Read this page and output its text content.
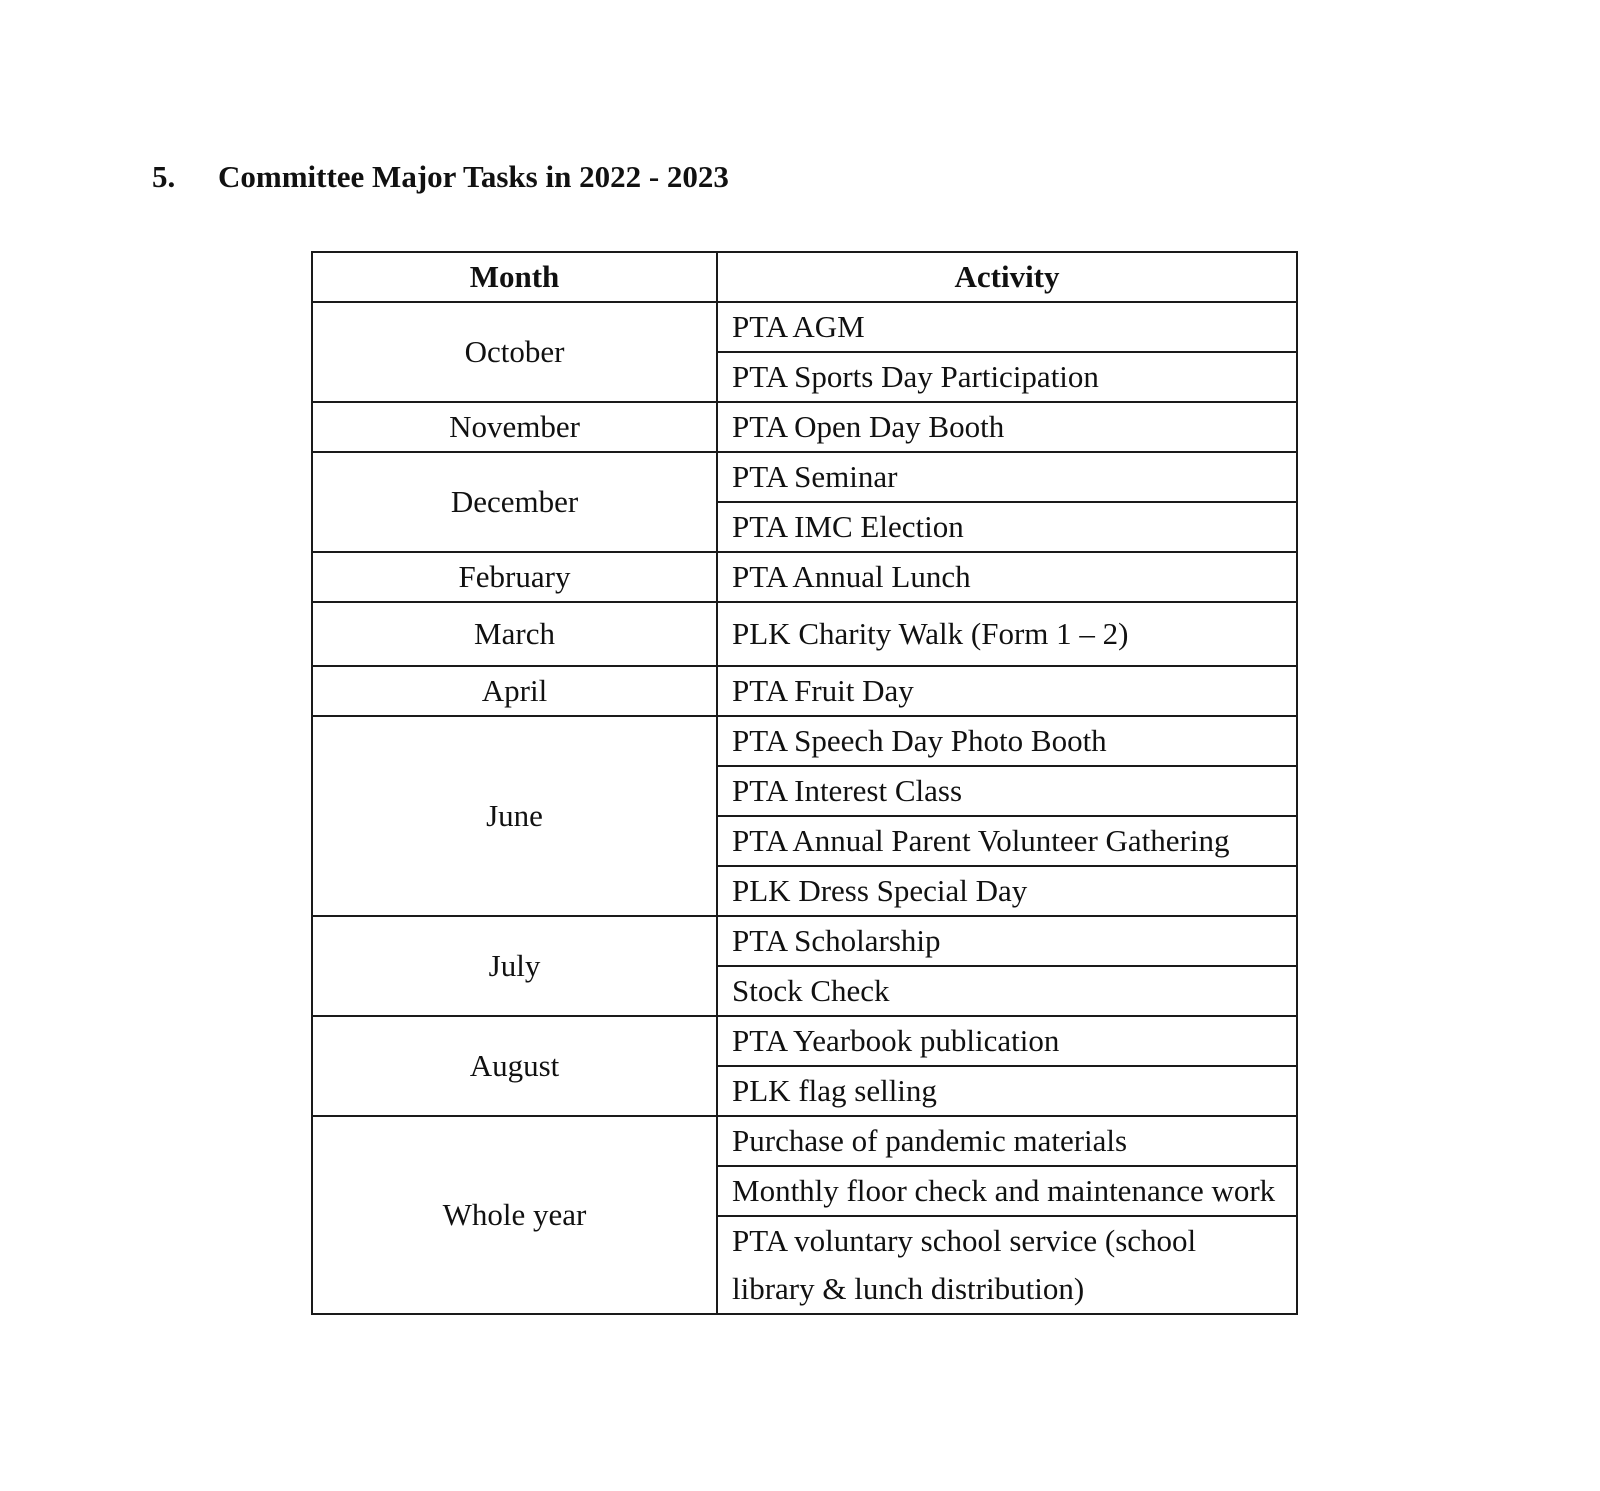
5. Committee Major Tasks in 2022 - 2023
Month	Activity
October	PTA AGM
	PTA Sports Day Participation
November	PTA Open Day Booth
December	PTA Seminar
	PTA IMC Election
February	PTA Annual Lunch
March	PLK Charity Walk (Form 1 – 2)
April	PTA Fruit Day
June	PTA Speech Day Photo Booth
	PTA Interest Class
	PTA Annual Parent Volunteer Gathering
	PLK Dress Special Day
July	PTA Scholarship
	Stock Check
August	PTA Yearbook publication
	PLK flag selling
Whole year	Purchase of pandemic materials
	Monthly floor check and maintenance work
	PTA voluntary school service (school library & lunch distribution)
